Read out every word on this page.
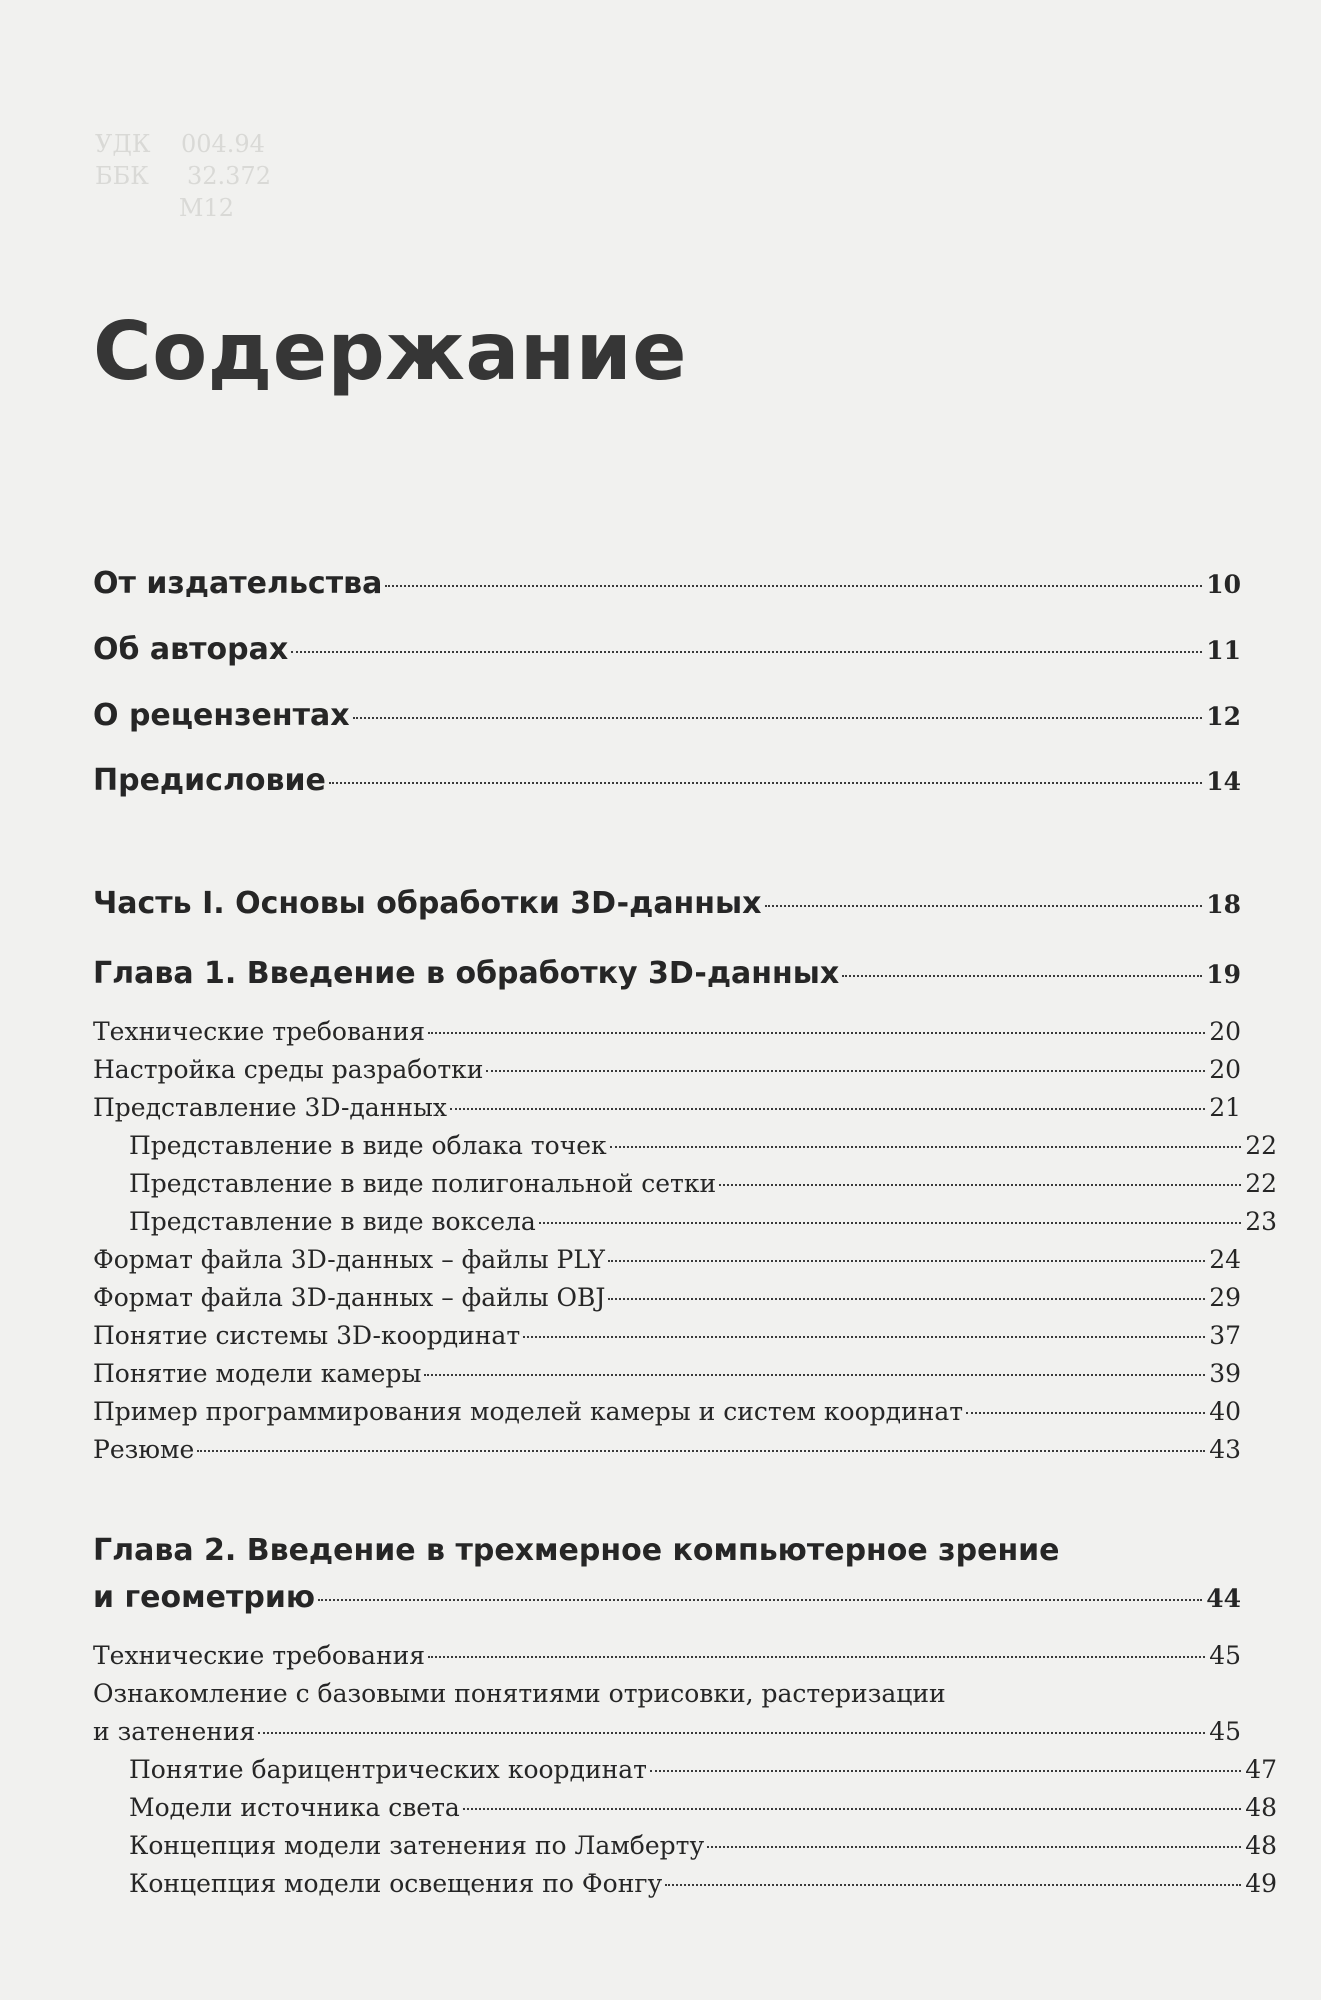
УДК    004.94
ББК     32.372
М12
Содержание
От издательства	10
Об авторах	11
О рецензентах	12
Предисловие	14
Часть I. Основы обработки 3D-данных	18
Глава 1. Введение в обработку 3D-данных	19
Технические требования	20
Настройка среды разработки	20
Представление 3D-данных	21
Представление в виде облака точек	22
Представление в виде полигональной сетки	22
Представление в виде воксела	23
Формат файла 3D-данных – файлы PLY	24
Формат файла 3D-данных – файлы OBJ	29
Понятие системы 3D-координат	37
Понятие модели камеры	39
Пример программирования моделей камеры и систем координат	40
Резюме	43
Глава 2. Введение в трехмерное компьютерное зрение
и геометрию	44
Технические требования	45
Ознакомление с базовыми понятиями отрисовки, растеризации
и затенения	45
Понятие барицентрических координат	47
Модели источника света	48
Концепция модели затенения по Ламберту	48
Концепция модели освещения по Фонгу	49
